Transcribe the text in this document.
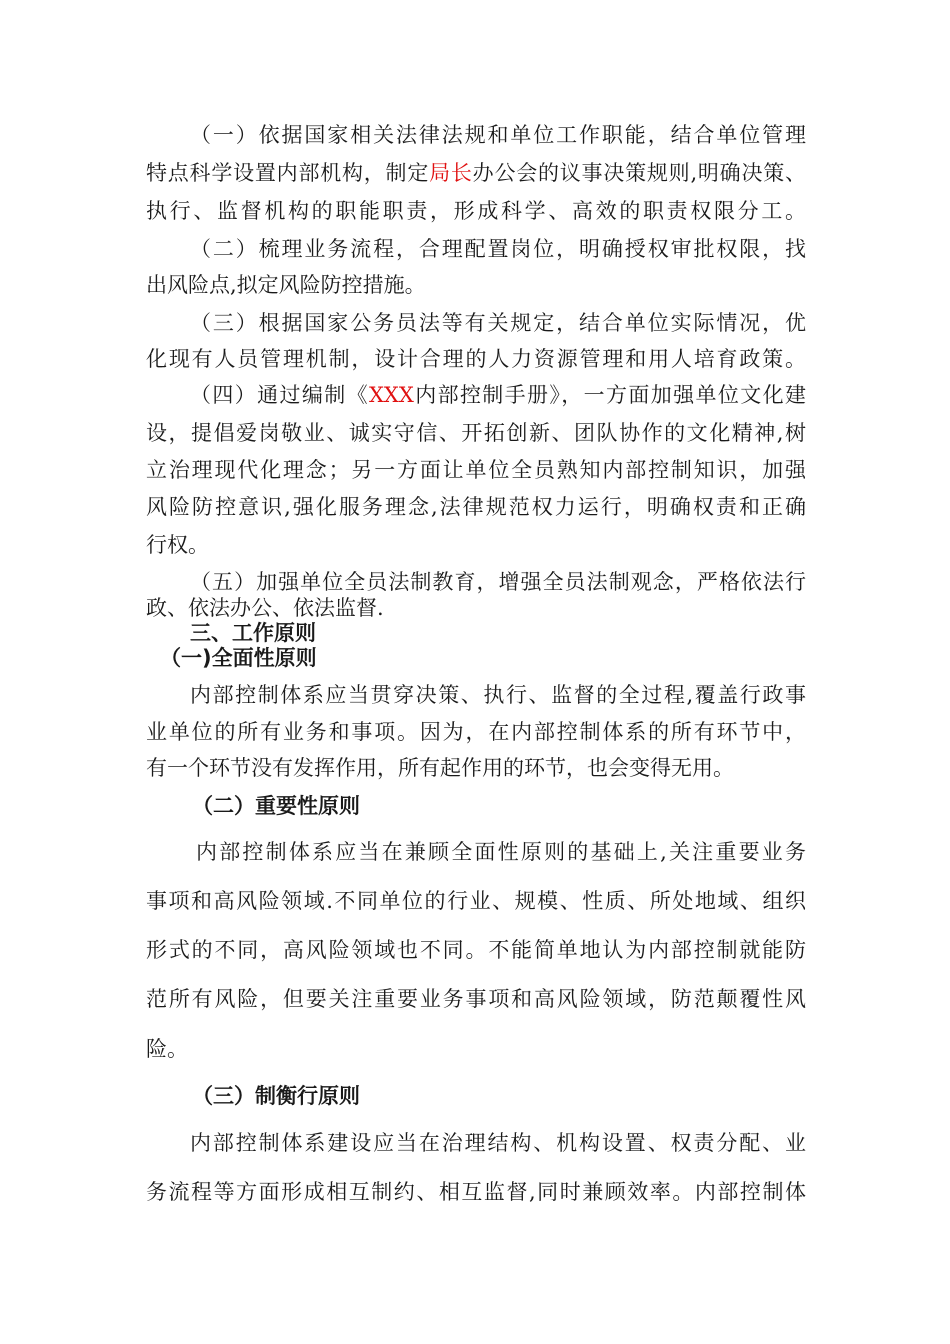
（一）依据国家相关法律法规和单位工作职能，结合单位管理
特点科学设置内部机构，制定局长办公会的议事决策规则,明确决策、
执行、监督机构的职能职责，形成科学、高效的职责权限分工。
（二）梳理业务流程，合理配置岗位，明确授权审批权限，找
出风险点,拟定风险防控措施。
（三）根据国家公务员法等有关规定，结合单位实际情况，优
化现有人员管理机制，设计合理的人力资源管理和用人培育政策。
（四）通过编制《XXX内部控制手册》，一方面加强单位文化建
设，提倡爱岗敬业、诚实守信、开拓创新、团队协作的文化精神,树
立治理现代化理念；另一方面让单位全员熟知内部控制知识，加强
风险防控意识,强化服务理念,法律规范权力运行，明确权责和正确
行权。
（五）加强单位全员法制教育，增强全员法制观念，严格依法行
政、依法办公、依法监督.
三、工作原则
（一)全面性原则
内部控制体系应当贯穿决策、执行、监督的全过程,覆盖行政事
业单位的所有业务和事项。因为，在内部控制体系的所有环节中，
有一个环节没有发挥作用，所有起作用的环节，也会变得无用。
（二）重要性原则
内部控制体系应当在兼顾全面性原则的基础上,关注重要业务
事项和高风险领域.不同单位的行业、规模、性质、所处地域、组织
形式的不同，高风险领域也不同。不能简单地认为内部控制就能防
范所有风险，但要关注重要业务事项和高风险领域，防范颠覆性风
险。
（三）制衡行原则
内部控制体系建设应当在治理结构、机构设置、权责分配、业
务流程等方面形成相互制约、相互监督,同时兼顾效率。内部控制体
